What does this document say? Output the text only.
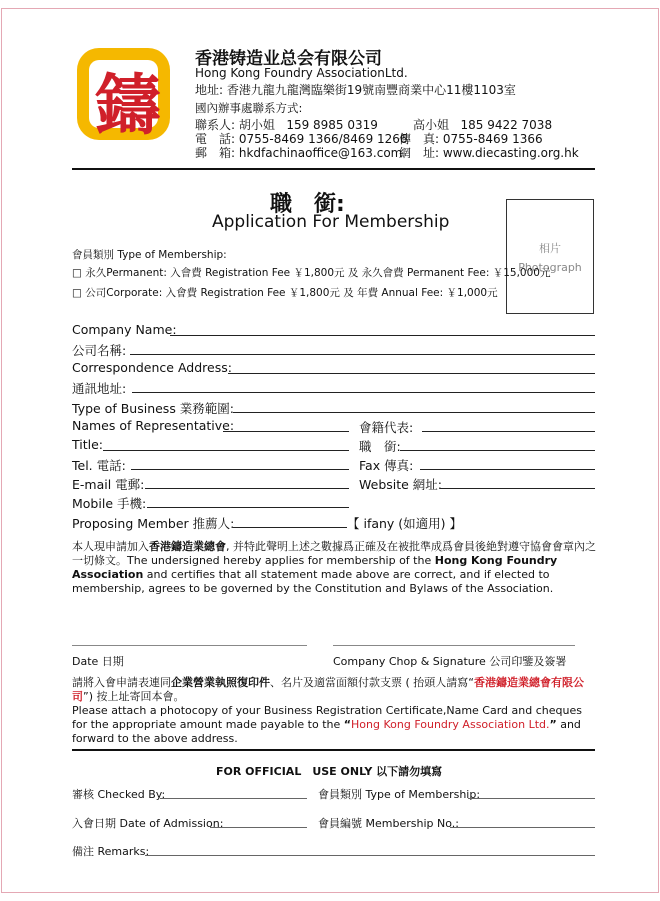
鑄
香港铸造业总会有限公司
Hong Kong Foundry AssociationLtd.
地址: 香港九龍九龍灣臨樂街19號南豐商業中心11樓1103室
國內辦事處聯系方式:
聯系人: 胡小姐 159 8985 0319	高小姐 185 9422 7038
電　話: 0755-8469 1366/8469 1266
傳　真: 0755-8469 1366
郵　箱: hkdfachinaoffice@163.com
網　址: www.diecasting.org.hk
職　銜:
Application For Membership
相片
Photograph
會員類別 Type of Membership:
□ 永久Permanent: 入會費 Registration Fee ￥1,800元 及 永久會費 Permanent Fee: ￥15,000元
□ 公司Corporate: 入會費 Registration Fee ￥1,800元 及 年費 Annual Fee: ￥1,000元
Company Name:
公司名稱:
Correspondence Address:
通訊地址:
Type of Business 業務範圍:
Names of Representative:	會籍代表:
Title:	職　銜:
Tel. 電話:	Fax 傳真:
E-mail 電郵:	Website 網址:
Mobile 手機:
Proposing Member 推薦人:	【 ifany (如適用) 】
本人現申請加入香港鑄造業總會, 并特此聲明上述之數據爲正確及在被批準成爲會員後絶對遵守協會會章內之一切條文。The undersigned hereby applies for membership of the Hong Kong Foundry Association and certifies that all statement made above are correct, and if elected to membership, agrees to be governed by the Constitution and Bylaws of the Association.
Date 日期	Company Chop & Signature 公司印鑒及簽署
請將入會申請表連同企業營業執照復印件、名片及適當面額付款支票 ( 抬頭人請寫“香港鑄造業總會有限公司”) 按上址寄回本會。
Please attach a photocopy of your Business Registration Certificate,Name Card and cheques for the appropriate amount made payable to the “Hong Kong Foundry Association Ltd.” and forward to the above address.
FOR OFFICIAL　USE ONLY 以下請勿填寫
審核 Checked By:	會員類別 Type of Membership:
入會日期 Date of Admission:	會員編號 Membership No.:
備注 Remarks:
